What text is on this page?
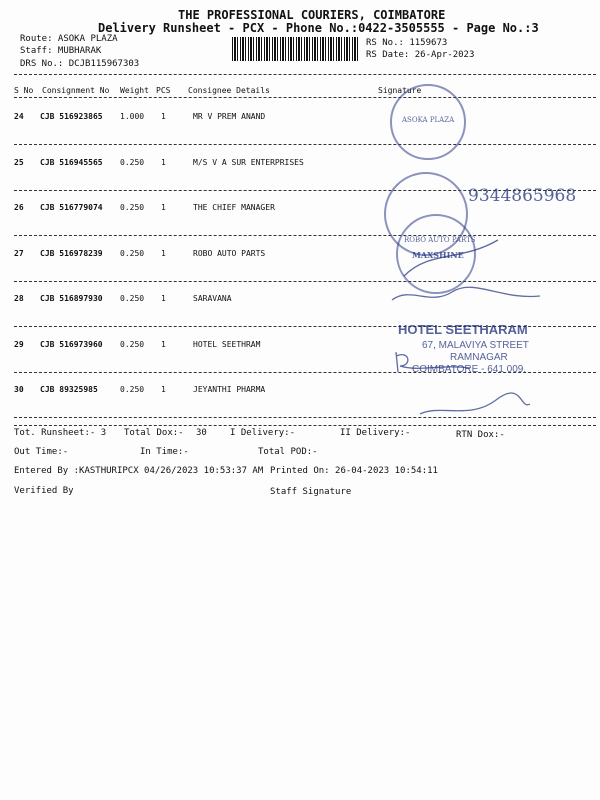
THE PROFESSIONAL COURIERS, COIMBATORE
Delivery Runsheet - PCX - Phone No.:0422-3505555 - Page No.:3
Route: ASOKA PLAZA
Staff: MUBHARAK
DRS No.: DCJB115967303
RS No.: 1159673
RS Date: 26-Apr-2023
S No Consignment No Weight PCS Consignee Details	Signature
24 CJB 516923865 1.000 1	MR V PREM ANAND
25 CJB 516945565 0.250 1	M/S V A SUR ENTERPRISES
26 CJB 516779074 0.250 1	THE CHIEF MANAGER
27 CJB 516978239 0.250 1	ROBO AUTO PARTS
28 CJB 516897930 0.250 1	SARAVANA
29 CJB 516973960 0.250 1	HOTEL SEETHRAM
30 CJB 89325985	0.250 1	JEYANTHI PHARMA
Tot. Runsheet:- 3 Total Dox:- 30	I Delivery:-	II Delivery:-	RTN Dox:-
Out Time:-	In Time:-	Total POD:-
Entered By :KASTHURIPCX 04/26/2023 10:53:37 AM Printed On: 26-04-2023 10:54:11
Verified By	Staff Signature
ASOKA PLAZA
ROBO AUTO PARTS
MAXSHINE
9344865968
HOTEL SEETHARAM
67, MALAVIYA STREET
RAMNAGAR
COIMBATORE - 641 009.
